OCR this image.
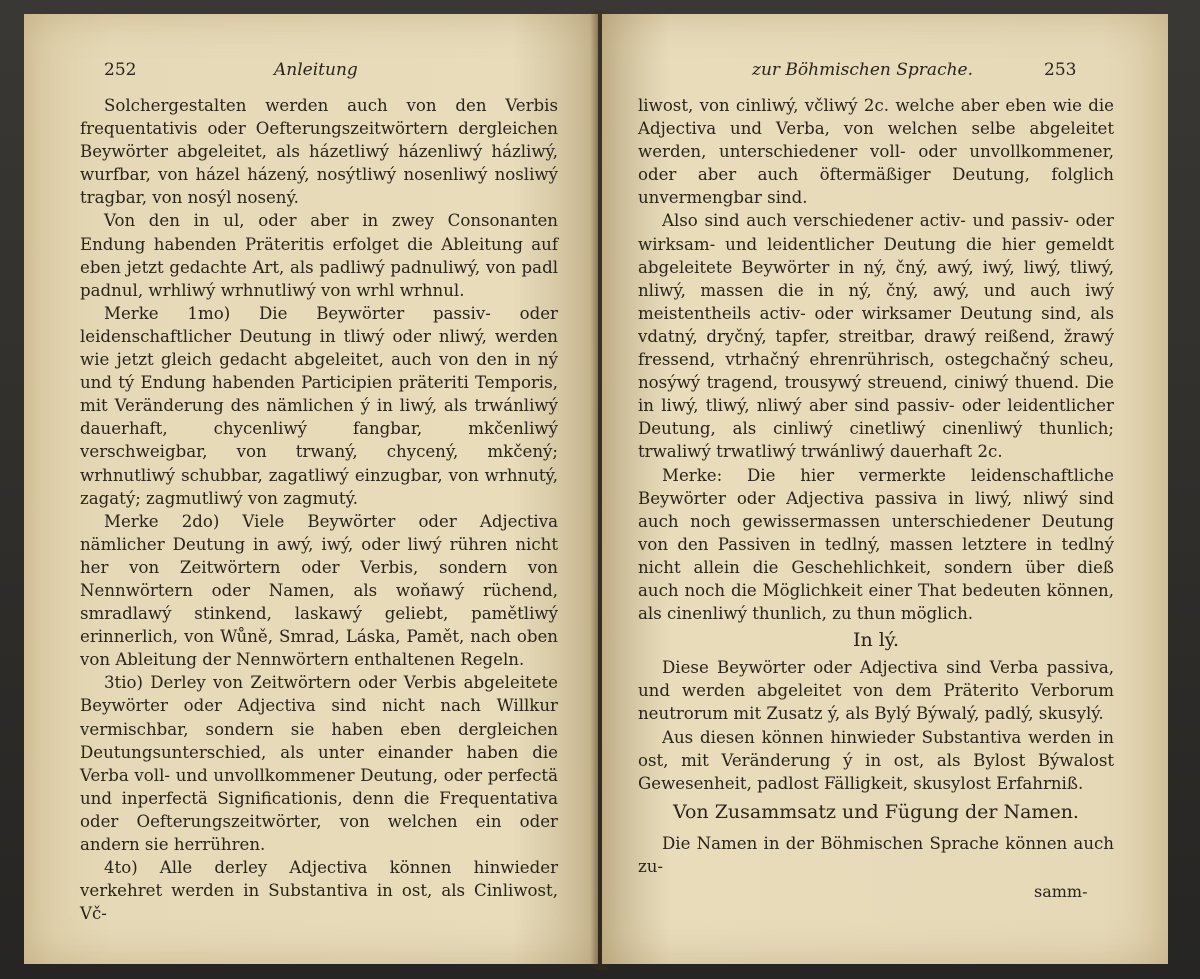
252	Anleitung

Solchergestalten werden auch von den Verbis frequentativis oder Oefterungszeitwörtern dergleichen Beywörter abgeleitet, als házetliwý házenliwý házliwý, wurfbar, von házel házený, nosýtliwý nosenliwý nosliwý tragbar, von nosýl nosený.

Von den in ul, oder aber in zwey Consonanten Endung habenden Präteritis erfolget die Ableitung auf eben jetzt gedachte Art, als padliwý padnuliwý, von padl padnul, wrhliwý wrhnutliwý von wrhl wrhnul.

Merke 1mo) Die Beywörter passiv- oder leidenschaftlicher Deutung in tliwý oder nliwý, werden wie jetzt gleich gedacht abgeleitet, auch von den in ný und tý Endung habenden Participien präteriti Temporis, mit Veränderung des nämlichen ý in liwý, als trwánliwý dauerhaft, chycenliwý fangbar, mkčenliwý verschweigbar, von trwaný, chycený, mkčený; wrhnutliwý schubbar, zagatliwý einzugbar, von wrhnutý, zagatý; zagmutliwý von zagmutý.

Merke 2do) Viele Beywörter oder Adjectiva nämlicher Deutung in awý, iwý, oder liwý rühren nicht her von Zeitwörtern oder Verbis, sondern von Nennwörtern oder Namen, als woňawý rüchend, smradlawý stinkend, laskawý geliebt, pamětliwý erinnerlich, von Wůně, Smrad, Láska, Pamět, nach oben von Ableitung der Nennwörtern enthaltenen Regeln.

3tio) Derley von Zeitwörtern oder Verbis abgeleitete Beywörter oder Adjectiva sind nicht nach Willkur vermischbar, sondern sie haben eben dergleichen Deutungsunterschied, als unter einander haben die Verba voll- und unvollkommener Deutung, oder perfectä und inperfectä Significationis, denn die Frequentativa oder Oefterungszeitwörter, von welchen ein oder andern sie herrühren.

4to) Alle derley Adjectiva können hinwieder verkehret werden in Substantiva in ost, als Cinliwost, Vč-

zur Böhmischen Sprache.	253

liwost, von cinliwý, včliwý 2c. welche aber eben wie die Adjectiva und Verba, von welchen selbe abgeleitet werden, unterschiedener voll- oder unvollkommener, oder aber auch öftermäßiger Deutung, folglich unvermengbar sind.

Also sind auch verschiedener activ- und passiv- oder wirksam- und leidentlicher Deutung die hier gemeldt abgeleitete Beywörter in ný, čný, awý, iwý, liwý, tliwý, nliwý, massen die in ný, čný, awý, und auch iwý meistentheils activ- oder wirksamer Deutung sind, als vdatný, dryčný, tapfer, streitbar, drawý reißend, žrawý fressend, vtrhačný ehrenrührisch, ostegchačný scheu, nosýwý tragend, trousywý streuend, ciniwý thuend. Die in liwý, tliwý, nliwý aber sind passiv- oder leidentlicher Deutung, als cinliwý cinetliwý cinenliwý thunlich; trwaliwý trwatliwý trwánliwý dauerhaft 2c.

Merke: Die hier vermerkte leidenschaftliche Beywörter oder Adjectiva passiva in liwý, nliwý sind auch noch gewissermassen unterschiedener Deutung von den Passiven in tedlný, massen letztere in tedlný nicht allein die Geschehlichkeit, sondern über dieß auch noch die Möglichkeit einer That bedeuten können, als cinenliwý thunlich, zu thun möglich.

In lý.

Diese Beywörter oder Adjectiva sind Verba passiva, und werden abgeleitet von dem Präterito Verborum neutrorum mit Zusatz ý, als Bylý Býwalý, padlý, skusylý.

Aus diesen können hinwieder Substantiva werden in ost, mit Veränderung ý in ost, als Bylost Býwalost Gewesenheit, padlost Fälligkeit, skusylost Erfahrniß.

Von Zusammsatz und Fügung der Namen.

Die Namen in der Böhmischen Sprache können auch zu-

samm-
